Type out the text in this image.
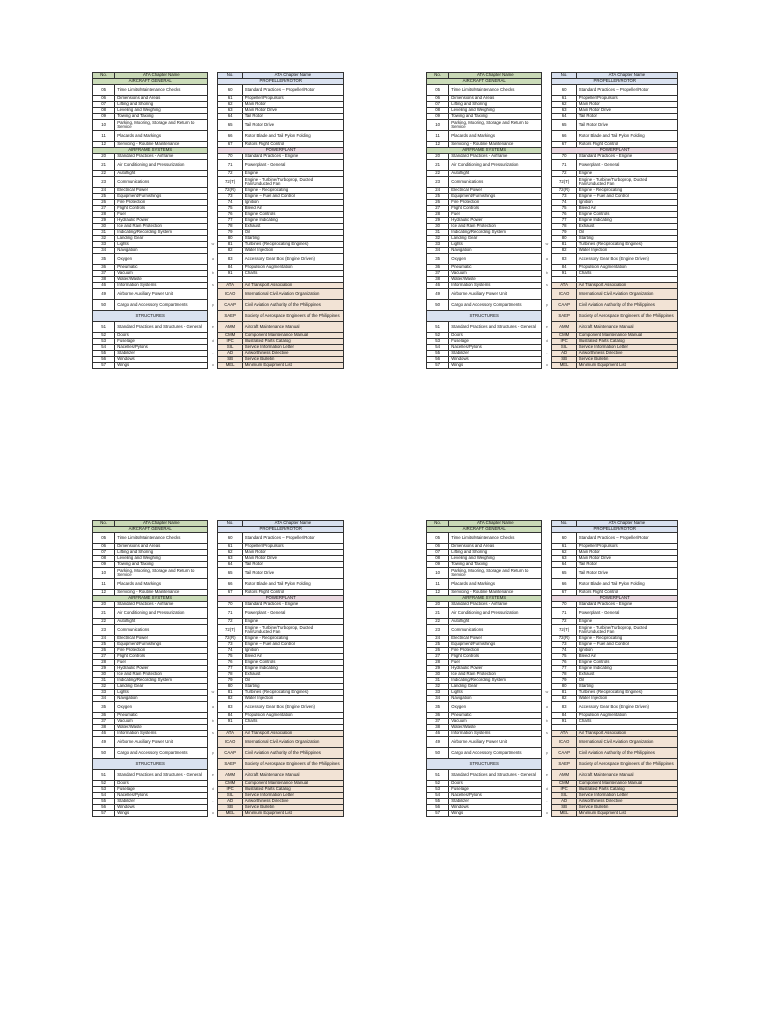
No.	ATA Chapter Name		No.	ATA Chapter Name
AIRCRAFT GENERAL			PROPELLER/ROTOR	
05	Time Limits/Maintenance Checks		60	Standard Practices – Propeller/Rotor
06	Dimensions and Areas		61	Propeller/Propulsors
07	Lifting and Shoring		62	Main Rotor
08	Leveling and Weighing		63	Main Rotor Drive
09	Towing and Taxiing		64	Tail Rotor
10	Parking, Mooring, Storage and Return to Service		65	Tail Rotor Drive
11	Placards and Markings		66	Rotor Blade and Tail Pylon Folding
12	Servicing - Routine Maintenance		67	Rotors Flight Control
AIRFRAME SYSTEMS			POWERPLANT	
20	Standard Practices - Airframe		70	Standard Practices - Engine
21	Air Conditioning and Pressurization		71	Powerplant - General
22	Autoflight		72	Engine
23	Communications		72(T)	Engine - Turbine/Turboprop, Ducted Fan/Unducted Fan
24	Electrical Power		72(R)	Engine - Reciprocating
25	Equipment/Furnishings		73	Engine – Fuel and Control
26	Fire Protection		74	Ignition
27	Flight Controls		75	Bleed Air
28	Fuel		76	Engine Controls
29	Hydraulic Power		77	Engine Indicating
30	Ice and Rain Protection		78	Exhaust
31	Indicating/Recording System		79	Oil
32	Landing Gear		80	Starting
33	Lights	w	81	Turbines (Reciprocating Engines)
34	Navigation		82	Water Injection
35	Oxygen	a	83	Accessory Gear Box (Engine Driven)
36	Pneumatic		84	Propulsion Augmentation
37	Vacuum	b	91	Charts
38	Water/Waste			
46	Information Systems	s	ATA	Air Transport Association
49	Airborne Auxiliary Power Unit		ICAO	International Civil Aviation Organization
50	Cargo and Accessory Compartments	p	CAAP	Civil Aviation Authority of the Philippines
STRUCTURES			SAEP	Society of Aerospace Engineers of the Philippines
51	Standard Practices and Structures - General	e	AMM	Aircraft Maintenance Manual
52	Doors		CMM	Component Maintenance Manual
53	Fuselage	d	IPC	Illustrated Parts Catalog
54	Nacelles/Pylons		SIL	Service Information Letter
55	Stabilizer	-	AD	Airworthiness Directive
56	Windows		SB	Service Bulletin
57	Wings	o	MEL	Minimum Equipment List
No.	ATA Chapter Name		No.	ATA Chapter Name
AIRCRAFT GENERAL			PROPELLER/ROTOR	
05	Time Limits/Maintenance Checks		60	Standard Practices – Propeller/Rotor
06	Dimensions and Areas		61	Propeller/Propulsors
07	Lifting and Shoring		62	Main Rotor
08	Leveling and Weighing		63	Main Rotor Drive
09	Towing and Taxiing		64	Tail Rotor
10	Parking, Mooring, Storage and Return to Service		65	Tail Rotor Drive
11	Placards and Markings		66	Rotor Blade and Tail Pylon Folding
12	Servicing - Routine Maintenance		67	Rotors Flight Control
AIRFRAME SYSTEMS			POWERPLANT	
20	Standard Practices - Airframe		70	Standard Practices - Engine
21	Air Conditioning and Pressurization		71	Powerplant - General
22	Autoflight		72	Engine
23	Communications		72(T)	Engine - Turbine/Turboprop, Ducted Fan/Unducted Fan
24	Electrical Power		72(R)	Engine - Reciprocating
25	Equipment/Furnishings		73	Engine – Fuel and Control
26	Fire Protection		74	Ignition
27	Flight Controls		75	Bleed Air
28	Fuel		76	Engine Controls
29	Hydraulic Power		77	Engine Indicating
30	Ice and Rain Protection		78	Exhaust
31	Indicating/Recording System		79	Oil
32	Landing Gear		80	Starting
33	Lights	w	81	Turbines (Reciprocating Engines)
34	Navigation		82	Water Injection
35	Oxygen	a	83	Accessory Gear Box (Engine Driven)
36	Pneumatic		84	Propulsion Augmentation
37	Vacuum	b	91	Charts
38	Water/Waste			
46	Information Systems	s	ATA	Air Transport Association
49	Airborne Auxiliary Power Unit		ICAO	International Civil Aviation Organization
50	Cargo and Accessory Compartments	p	CAAP	Civil Aviation Authority of the Philippines
STRUCTURES			SAEP	Society of Aerospace Engineers of the Philippines
51	Standard Practices and Structures - General	e	AMM	Aircraft Maintenance Manual
52	Doors		CMM	Component Maintenance Manual
53	Fuselage	d	IPC	Illustrated Parts Catalog
54	Nacelles/Pylons		SIL	Service Information Letter
55	Stabilizer	-	AD	Airworthiness Directive
56	Windows		SB	Service Bulletin
57	Wings	o	MEL	Minimum Equipment List
No.	ATA Chapter Name		No.	ATA Chapter Name
AIRCRAFT GENERAL			PROPELLER/ROTOR	
05	Time Limits/Maintenance Checks		60	Standard Practices – Propeller/Rotor
06	Dimensions and Areas		61	Propeller/Propulsors
07	Lifting and Shoring		62	Main Rotor
08	Leveling and Weighing		63	Main Rotor Drive
09	Towing and Taxiing		64	Tail Rotor
10	Parking, Mooring, Storage and Return to Service		65	Tail Rotor Drive
11	Placards and Markings		66	Rotor Blade and Tail Pylon Folding
12	Servicing - Routine Maintenance		67	Rotors Flight Control
AIRFRAME SYSTEMS			POWERPLANT	
20	Standard Practices - Airframe		70	Standard Practices - Engine
21	Air Conditioning and Pressurization		71	Powerplant - General
22	Autoflight		72	Engine
23	Communications		72(T)	Engine - Turbine/Turboprop, Ducted Fan/Unducted Fan
24	Electrical Power		72(R)	Engine - Reciprocating
25	Equipment/Furnishings		73	Engine – Fuel and Control
26	Fire Protection		74	Ignition
27	Flight Controls		75	Bleed Air
28	Fuel		76	Engine Controls
29	Hydraulic Power		77	Engine Indicating
30	Ice and Rain Protection		78	Exhaust
31	Indicating/Recording System		79	Oil
32	Landing Gear		80	Starting
33	Lights	w	81	Turbines (Reciprocating Engines)
34	Navigation		82	Water Injection
35	Oxygen	a	83	Accessory Gear Box (Engine Driven)
36	Pneumatic		84	Propulsion Augmentation
37	Vacuum	b	91	Charts
38	Water/Waste			
46	Information Systems	s	ATA	Air Transport Association
49	Airborne Auxiliary Power Unit		ICAO	International Civil Aviation Organization
50	Cargo and Accessory Compartments	p	CAAP	Civil Aviation Authority of the Philippines
STRUCTURES			SAEP	Society of Aerospace Engineers of the Philippines
51	Standard Practices and Structures - General	e	AMM	Aircraft Maintenance Manual
52	Doors		CMM	Component Maintenance Manual
53	Fuselage	d	IPC	Illustrated Parts Catalog
54	Nacelles/Pylons		SIL	Service Information Letter
55	Stabilizer	-	AD	Airworthiness Directive
56	Windows		SB	Service Bulletin
57	Wings	o	MEL	Minimum Equipment List
No.	ATA Chapter Name		No.	ATA Chapter Name
AIRCRAFT GENERAL			PROPELLER/ROTOR	
05	Time Limits/Maintenance Checks		60	Standard Practices – Propeller/Rotor
06	Dimensions and Areas		61	Propeller/Propulsors
07	Lifting and Shoring		62	Main Rotor
08	Leveling and Weighing		63	Main Rotor Drive
09	Towing and Taxiing		64	Tail Rotor
10	Parking, Mooring, Storage and Return to Service		65	Tail Rotor Drive
11	Placards and Markings		66	Rotor Blade and Tail Pylon Folding
12	Servicing - Routine Maintenance		67	Rotors Flight Control
AIRFRAME SYSTEMS			POWERPLANT	
20	Standard Practices - Airframe		70	Standard Practices - Engine
21	Air Conditioning and Pressurization		71	Powerplant - General
22	Autoflight		72	Engine
23	Communications		72(T)	Engine - Turbine/Turboprop, Ducted Fan/Unducted Fan
24	Electrical Power		72(R)	Engine - Reciprocating
25	Equipment/Furnishings		73	Engine – Fuel and Control
26	Fire Protection		74	Ignition
27	Flight Controls		75	Bleed Air
28	Fuel		76	Engine Controls
29	Hydraulic Power		77	Engine Indicating
30	Ice and Rain Protection		78	Exhaust
31	Indicating/Recording System		79	Oil
32	Landing Gear		80	Starting
33	Lights	w	81	Turbines (Reciprocating Engines)
34	Navigation		82	Water Injection
35	Oxygen	a	83	Accessory Gear Box (Engine Driven)
36	Pneumatic		84	Propulsion Augmentation
37	Vacuum	b	91	Charts
38	Water/Waste			
46	Information Systems	s	ATA	Air Transport Association
49	Airborne Auxiliary Power Unit		ICAO	International Civil Aviation Organization
50	Cargo and Accessory Compartments	p	CAAP	Civil Aviation Authority of the Philippines
STRUCTURES			SAEP	Society of Aerospace Engineers of the Philippines
51	Standard Practices and Structures - General	e	AMM	Aircraft Maintenance Manual
52	Doors		CMM	Component Maintenance Manual
53	Fuselage	d	IPC	Illustrated Parts Catalog
54	Nacelles/Pylons		SIL	Service Information Letter
55	Stabilizer	-	AD	Airworthiness Directive
56	Windows		SB	Service Bulletin
57	Wings	o	MEL	Minimum Equipment List
